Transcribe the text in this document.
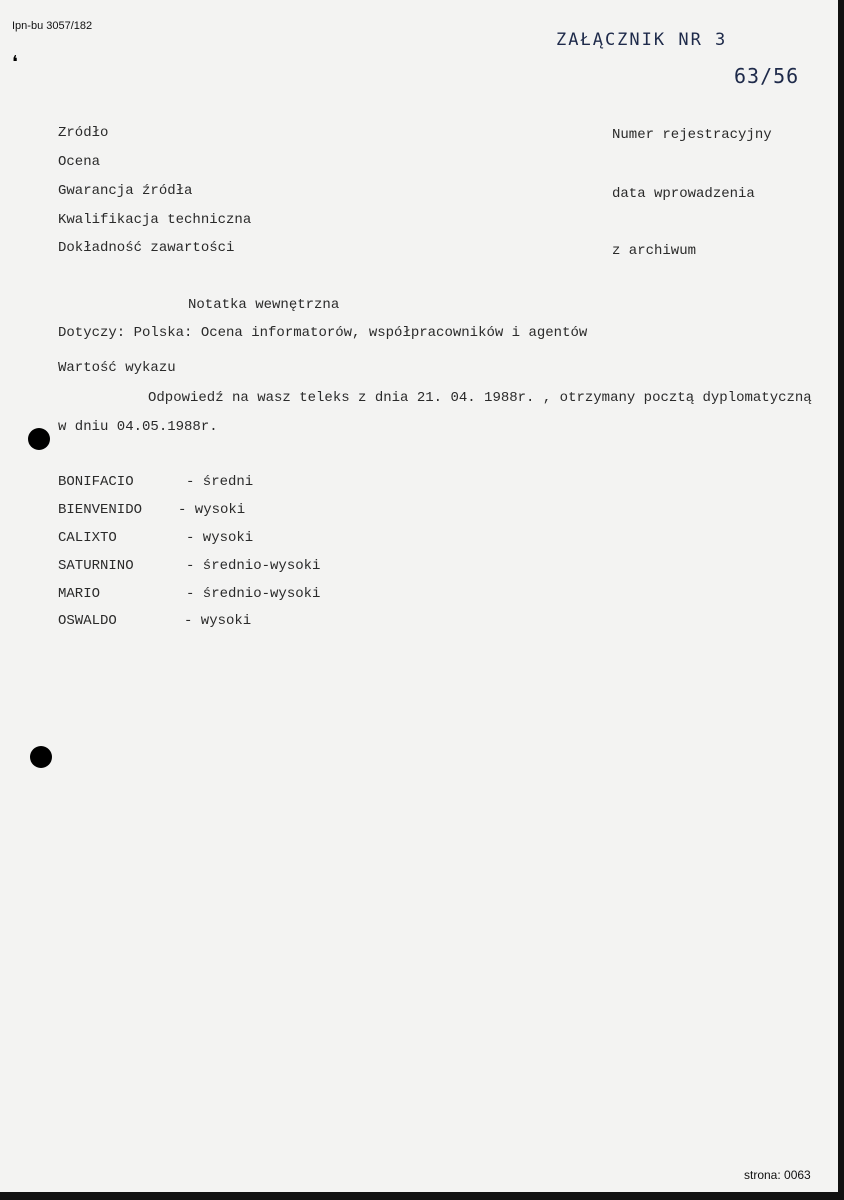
Ipn-bu 3057/182
ZAŁĄCZNIK NR 3
63/56
❛
Zródło
Ocena
Gwarancja źródła
Kwalifikacja techniczna
Dokładność zawartości
Numer rejestracyjny
data wprowadzenia
z archiwum
Notatka wewnętrzna
Dotyczy: Polska: Ocena informatorów, współpracowników i agentów
Wartość wykazu
Odpowiedź na wasz teleks z dnia 21. 04. 1988r. , otrzymany pocztą dyplomatyczną
w dniu 04.05.1988r.
BONIFACIO	- średni
BIENVENIDO	- wysoki
CALIXTO	- wysoki
SATURNINO	- średnio-wysoki
MARIO	- średnio-wysoki
OSWALDO	- wysoki
strona: 0063
